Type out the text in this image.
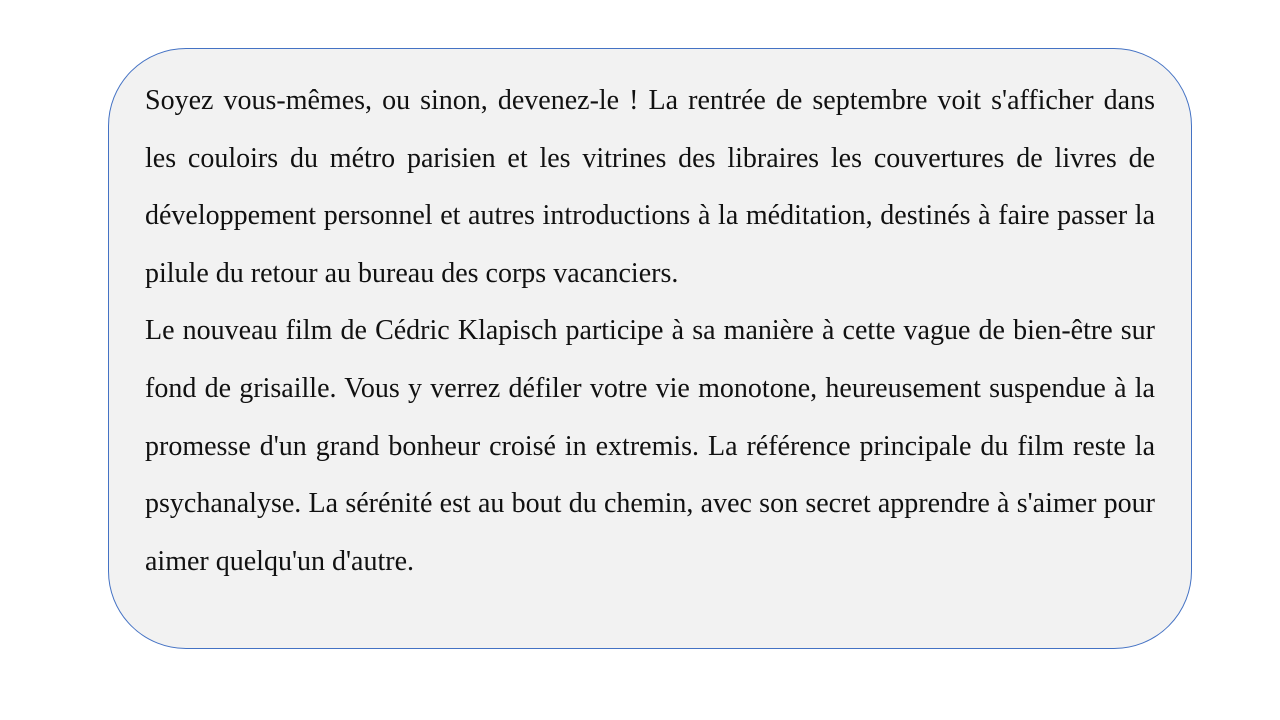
Soyez vous-mêmes, ou sinon, devenez-le ! La rentrée de septembre voit s'afficher dans les couloirs du métro parisien et les vitrines des libraires les couvertures de livres de développement personnel et autres introductions à la méditation, destinés à faire passer la pilule du retour au bureau des corps vacanciers.

Le nouveau film de Cédric Klapisch participe à sa manière à cette vague de bien-être sur fond de grisaille. Vous y verrez défiler votre vie monotone, heureusement suspendue à la promesse d'un grand bonheur croisé in extremis. La référence principale du film reste la psychanalyse. La sérénité est au bout du chemin, avec son secret apprendre à s'aimer pour aimer quelqu'un d'autre.
